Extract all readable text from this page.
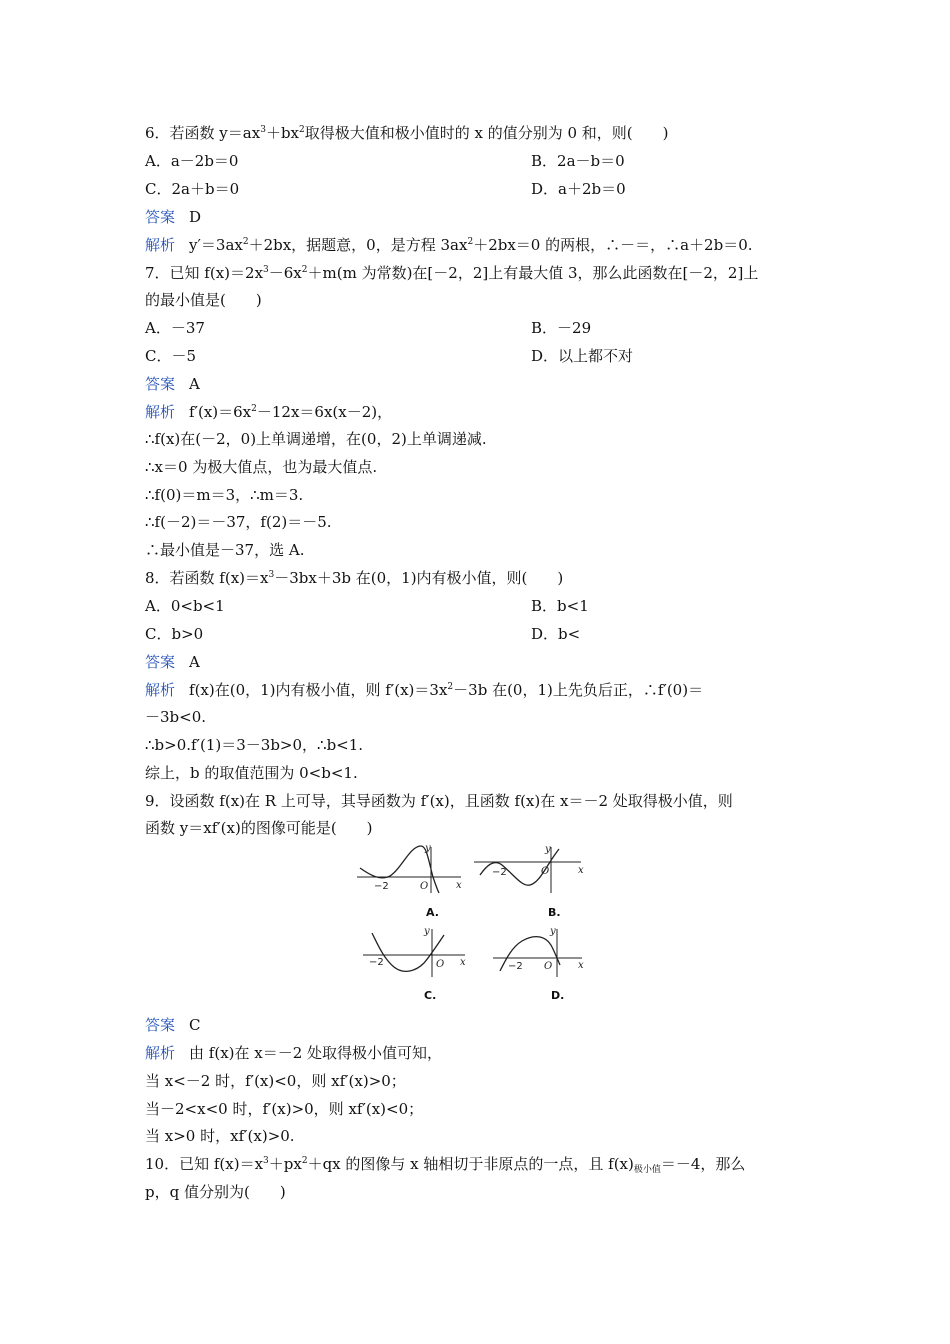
6．若函数 $y=ax^3+bx^2$取得极大值和极小值时的 x 的值分别为 0 和，则(　　)
A．a－2b＝0	B．2a－b＝0
C．2a＋b＝0	D．a＋2b＝0
答案 D
解析 $y'=3ax^2+2bx$，据题意，0，是方程 $3ax^2+2bx=0$ 的两根，∴－＝，∴a＋2b＝0.
7．已知 $f(x)=2x^3-6x^2+m(m$ 为常数)在[－2，2]上有最大值 3，那么此函数在[－2，2]上
的最小值是(　　)
A．－37	B．－29
C．－5	D．以上都不对
答案 A
解析 $f'(x)=6x^2-12x=6x(x-2)$，
∴f(x)在(－2，0)上单调递增，在(0，2)上单调递减.
∴x＝0 为极大值点，也为最大值点.
∴f(0)＝m＝3，∴m＝3.
∴f(－2)＝－37，f(2)＝－5.
∴最小值是－37，选 A.
8．若函数 $f(x)=x^3-3bx+3b$ 在(0，1)内有极小值，则(　　)
A．0<b<1	B．b<1
C．b>0	D．b<
答案 A
解析 f(x)在(0，1)内有极小值，则 $f'(x)=3x^2-3b$ 在(0，1)上先负后正，∴f′(0)＝
－3b<0.
∴b>0.f′(1)＝3－3b>0，∴b<1.
综上，b 的取值范围为 0<b<1.
9．设函数 f(x)在 R 上可导，其导函数为 f′(x)，且函数 f(x)在 x＝－2 处取得极小值，则
函数 y＝xf′(x)的图像可能是(　　)
y
x
O
−2
A.
y
x
O
−2
B.
y
x
O
−2
C.
y
x
O
−2
D.
答案 C
解析 由 f(x)在 x＝－2 处取得极小值可知，
当 x<－2 时，f′(x)<0，则 xf′(x)>0；
当－2<x<0 时，f′(x)>0，则 xf′(x)<0；
当 x>0 时，xf′(x)>0.
10．已知 $f(x)=x^3+px^2+qx$ 的图像与 x 轴相切于非原点的一点，且 $f(x)_{极小值}=-4$，那么
p，q 值分别为(　　)
